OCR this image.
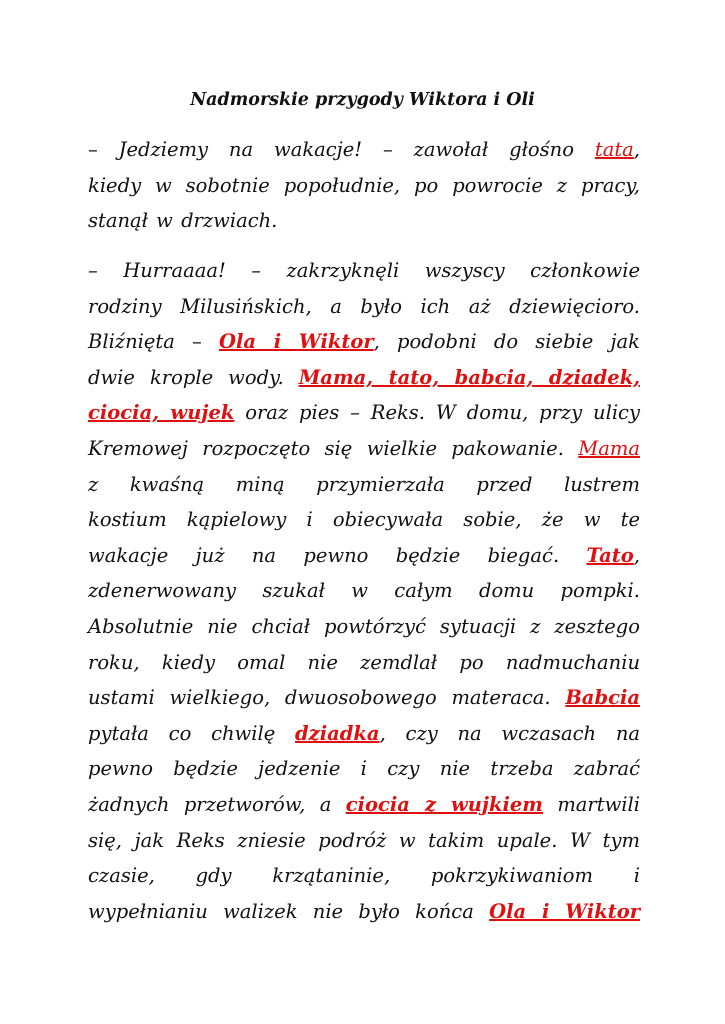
Nadmorskie przygody Wiktora i Oli
– Jedziemy na wakacje! – zawołał głośno tata,
kiedy w sobotnie popołudnie, po powrocie z pracy,
stanął w drzwiach.
– Hurraaaa! – zakrzyknęli wszyscy członkowie
rodziny Milusińskich, a było ich aż dziewięcioro.
Bliźnięta – Ola i Wiktor, podobni do siebie jak
dwie krople wody. Mama, tato, babcia, dziadek,
ciocia, wujek oraz pies – Reks. W domu, przy ulicy
Kremowej rozpoczęto się wielkie pakowanie. Mama
z kwaśną miną przymierzała przed lustrem
kostium kąpielowy i obiecywała sobie, że w te
wakacje już na pewno będzie biegać. Tato,
zdenerwowany szukał w całym domu pompki.
Absolutnie nie chciał powtórzyć sytuacji z zesztego
roku, kiedy omal nie zemdlał po nadmuchaniu
ustami wielkiego, dwuosobowego materaca. Babcia
pytała co chwilę dziadka, czy na wczasach na
pewno będzie jedzenie i czy nie trzeba zabrać
żadnych przetworów, a ciocia z wujkiem martwili
się, jak Reks zniesie podróż w takim upale. W tym
czasie, gdy krzątaninie, pokrzykiwaniom i
wypełnianiu walizek nie było końca Ola i Wiktor
